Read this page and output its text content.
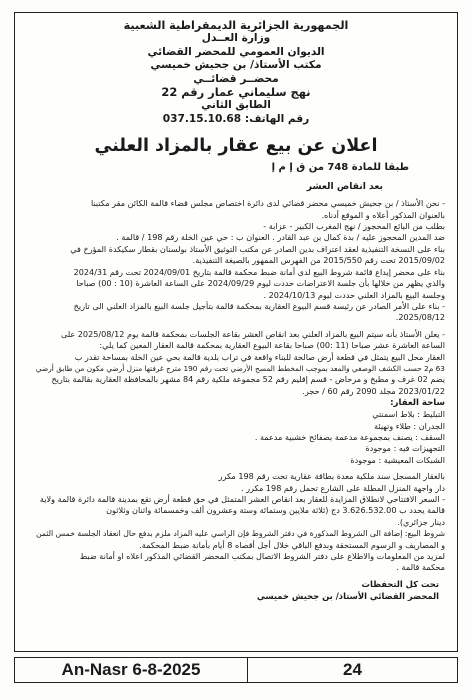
الجمهورية الجزائرية الديمقراطية الشعبية
وزارة العــدل
الديوان العمومي للمحضر القضائي
مكتب الأستاذ/ بن جحيش خميسي
محضــر قضائــي
نهج سليماني عمار رقم 22
الطابق الثاني
رقم الهاتف: 037.15.10.68
اعلان عن بيع عقار بالمزاد العلني
طبقا للمادة 748 من ق إ م إ
بعد انقاص العشر
- نحن الأستاذ / بن جحيش خميسي محضر قضائي لدى دائرة اختصاص مجلس قضاء قالمة الكائن مقر مكتبنا
بالعنوان المذكور أعلاه و الموقع أدناه.
بطلب من البائع المحجوز / نهج المغرب الكبير - عزابة -
ضد المدين المحجوز عليه / بدة كمال بن عبد القادر . العنوان ب : حي عين الخلة رقم 198 / قالمة .
بناء على النسخة التنفيذية لعقد اعتراف بدين الصادر عن مكتب التوثيق الأستاذ بولسنان بقطار سكيكدة المؤرخ في
2015/09/02 تحت رقم 2015/550 من الفهرس الممهور بالصيغة التنفيذية.
بناء على محضر إيداع قائمة شروط البيع لدى أمانة ضبط محكمة قالمة بتاريخ 2024/09/01 تحت رقم 2024/31
والذي يظهر من خلالها بأن جلسة الاعتراضات حددت ليوم 2024/09/29 على الساعة العاشرة (10 : 00) صباحا
وجلسة البيع بالمزاد العلني حددت ليوم 2024/10/13 .
- بناء على الأمر الصادر عن رئيسة قسم البيوع العقارية بمحكمة قالمة بتأجيل جلسة البيع بالمزاد العلني الى تاريخ
2025/08/12.
- يعلن الأستاذ بأنه سيتم البيع بالمزاد العلني بعد انقاص العشر بقاعة الجلسات بمحكمة قالمة يوم 2025/08/12 على
الساعة العاشرة عشر صباحا (11 :00) صباحا بقاعة البيوع العقارية بمحكمة قالمة العقار المعين كما يلي:
العقار محل البيع يتمثل في قطعة أرض صالحة للبناء واقعة في تراب بلدية قالمة بحي عين الخلة بمساحة تقدر ب
63 م2 حسب الكشف الوصفي والمعد بموجب المخطط المسح الأرضي تحت رقم 190 مترج غرفتها منزل أرضي مكون من طابق أرضي
يضم 02 غرف و مطبخ و مرحاض - قسم إقليم رقم 52 مجموعة ملكية رقم 84 مشهر بالمحافظة العقارية بقالمة بتاريخ
2023/01/22 مجلد 2090 رقم 60 / حجر.
ساحة العقار:
التبليط : بلاط اسمنتي
الجدران : طلاء وتهيئة
السقف : يصنف بمجموعة مدعمة بصفائح خشبية مدعمة .
التجهيزات فيه : موجودة
الشبكات المعيشية : موجودة
بالعقار المسجل سند ملكية معدة بطاقة عقارية تحت رقم 198 مكرر
دار واجهة المنزل المطلة على الشارع تحمل رقم 198 مكرر .
- السعر الافتتاحي لانطلاق المزايدة للعقار بعد انقاص العشر المتمثل في حق قطعة أرض تقع بمدينة قالمة دائرة قالمة ولاية
قالمة يحدد ب 3.626.532.00 دج (ثلاثة ملايين وستمائة وستة وعشرون ألف وخمسمائة واثنان وثلاثون
دينار جزائري).
شروط البيع: إضافة الى الشروط المذكورة في دفتر الشروط فإن الراسي عليه المزاد ملزم بدفع حال انعقاد الجلسة خمس الثمن
و المصاريف و الرسوم المستحقة وبدفع الباقي خلال أجل أقصاه 8 أيام بأمانة ضبط المحكمة.
لمزيد من المعلومات والاطلاع على دفتر الشروط الاتصال بمكتب المحضر القضائي المذكور اعلاه او أمانة ضبط
محكمة قالمة .
تحت كل التحفظات
المحضر القضائي الأستاذ/ بن جحيش خميسي
An-Nasr 6-8-2025	24
